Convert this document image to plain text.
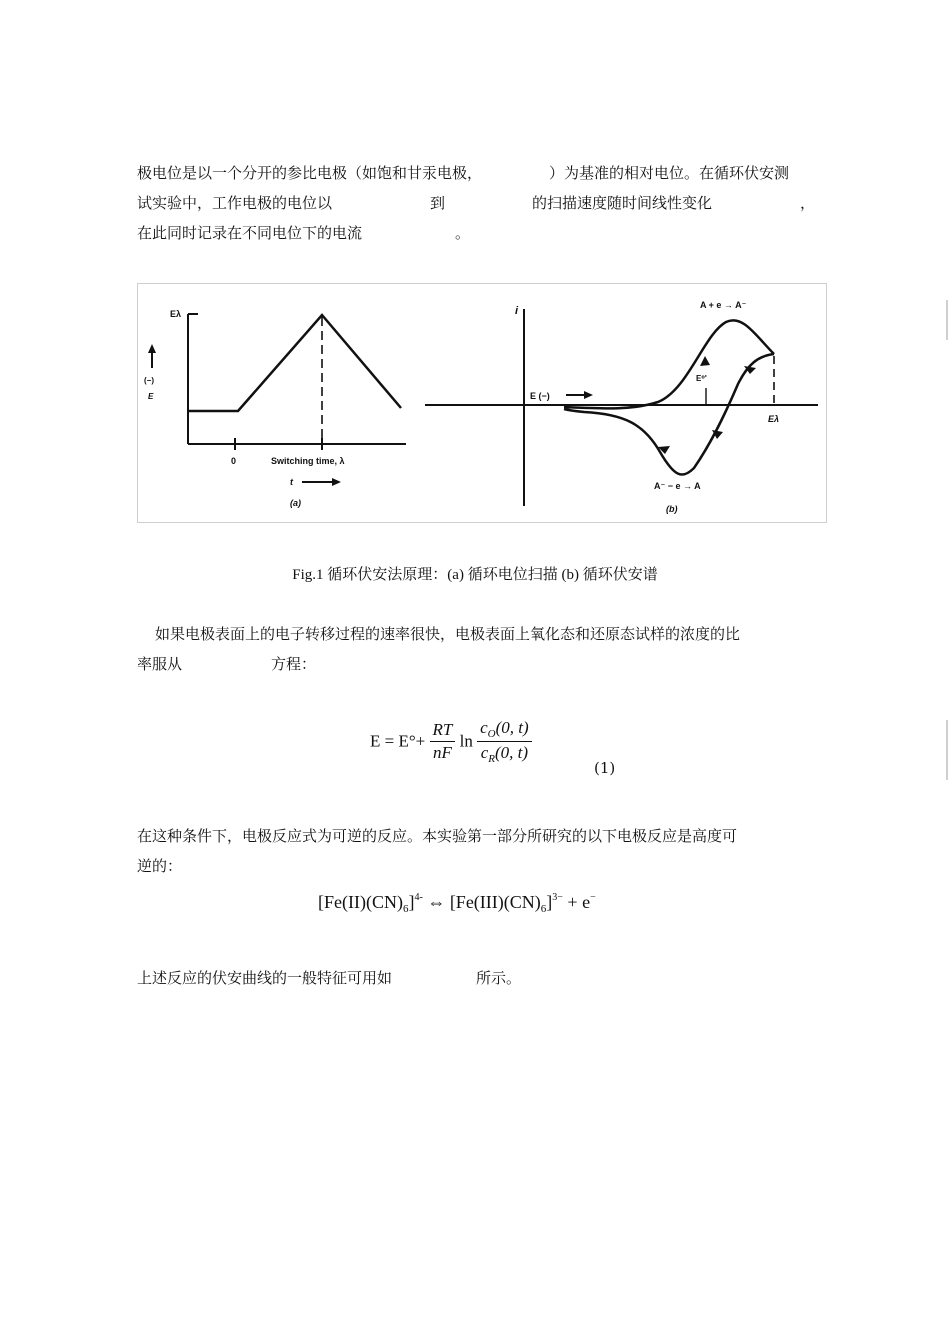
极电位是以一个分开的参比电极（如饱和甘汞电极，	）为基准的相对电位。在循环伏安测
试实验中，工作电极的电位以	到	的扫描速度随时间线性变化	，
在此同时记录在不同电位下的电流	。
Eλ
(−)
E
0	Switching time, λ
t
(a)
i
E (−)
E⁰'
Eλ
A + e → A⁻
A⁻ − e → A
(b)
Fig.1 循环伏安法原理：(a) 循环电位扫描 (b) 循环伏安谱
如果电极表面上的电子转移过程的速率很快，电极表面上氧化态和还原态试样的浓度的比
率服从	方程：
$E = E^\circ+ \frac{RT}{nF}$ $\ln \frac{c_O(0, t)}{c_R(0, t)}$
(1)
在这种条件下，电极反应式为可逆的反应。本实验第一部分所研究的以下电极反应是高度可
逆的：
$[Fe(II)(CN)_6]^{4-}$ ⇔ $[Fe(III)(CN)_6]^{3-} + e^-$
上述反应的伏安曲线的一般特征可用如	所示。
